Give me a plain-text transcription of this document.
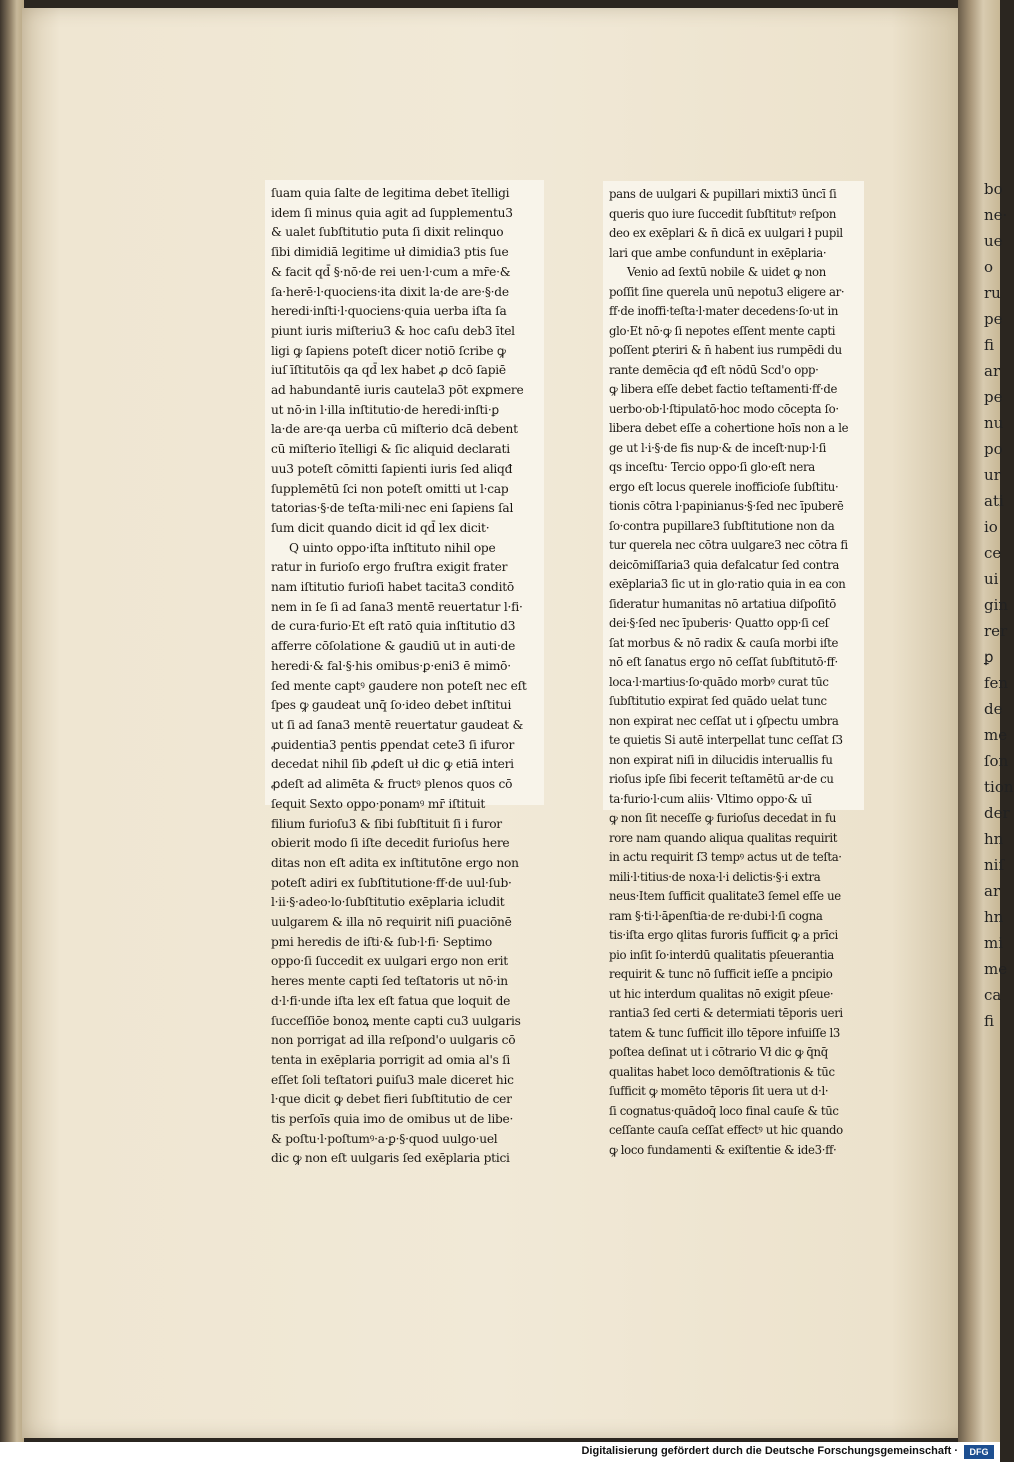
ſuam quia ſalte de legitima debet ītelligi
idem ſi minus quia agit ad ſupplementu3
& ualet ſubſtitutio puta ſi dixit relinquo
ſibi dimidiā legitime uł dimidia3 ptis ſue
& facit qd̄ §·nō·de rei uen·l·cum a mr̄e·&
ſa·herē·l·quociens·ita dixit la·de are·§·de
heredi·inſti·l·quociens·quia uerba iſta ſa
piunt iuris miſteriu3 & hoc caſu deb3 ītel
ligi ꝙ ſapiens poteſt dicer notiō ſcribe ꝙ
iuſ īſtitutōis qa qd̄ lex habet ꝓ dcō ſapiē
ad habundantē iuris cautela3 pōt exꝑmere
ut nō·in l·illa inſtitutio·de heredi·inſti·ꝑ
la·de are·qa uerba cū miſterio dcā debent
cū miſterio ītelligi & ſic aliquid declarati
uu3 poteſt cōmitti ſapienti iuris ſed aliqđ
ſupplemētū ſci non poteſt omitti ut l·cap
tatorias·§·de teſta·mili·nec eni ſapiens ſal
ſum dicit quando dicit id qd̄ lex dicit·
Q uinto oppo·iſta inſtituto nihil ope
ratur in furioſo ergo fruſtra exigit frater
nam iſtitutio furioſi habet tacita3 conditō
nem in ſe ſi ad ſana3 mentē reuertatur l·fi·
de cura·furio·Et eſt ratō quia inſtitutio d3
afferre cōſolatione & gaudiū ut in auti·de
heredi·& fal·§·his omibus·ꝑ·eni3 ē mimō·
ſed mente captꝰ gaudere non poteſt nec eſt
ſpes ꝙ gaudeat unq̄ ſo·ideo debet inſtitui
ut ſi ad ſana3 mentē reuertatur gaudeat &
ꝓuidentia3 pentis ꝑpendat cete3 ſi ifuror
decedat nihil ſib ꝓdeſt uł dic ꝙ etiā interi
ꝓdeſt ad alimēta & fructꝰ plenos quos cō
ſequit Sexto oppo·ponamꝰ mr̄ iſtituit
filium furioſu3 & ſibi ſubſtituit ſi i furor
obierit modo ſi iſte decedit furioſus here
ditas non eſt adita ex inſtitutōne ergo non
poteſt adiri ex ſubſtitutione·ff·de uul·ſub·
l·ii·§·adeo·lo·ſubſtitutio exēplaria icludit
uulgarem & illa nō requirit niſi ꝑuaciōnē
pmi heredis de iſti·& ſub·l·fi· Septimo
oppo·ſi ſuccedit ex uulgari ergo non erit
heres mente capti ſed teſtatoris ut nō·in
d·l·fi·unde iſta lex eſt fatua que loquit de
ſucceſſiōe bonoꝝ mente capti cu3 uulgaris
non porrigat ad illa reſpond'o uulgaris cō
tenta in exēplaria porrigit ad omia al's ſi
eſſet ſoli teſtatori ꝑuiſu3 male diceret hic
l·que dicit ꝙ debet fieri ſubſtitutio de cer
tis perſoīs quia imo de omibus ut de libe·
& poſtu·l·poſtumꝰ·a·ꝑ·§·quod uulgo·uel
dic ꝙ non eſt uulgaris ſed exēplaria ptici
pans de uulgari & pupillari mixti3 ūncī ſi
queris quo iure ſuccedit ſubſtitutꝰ reſpon
deo ex exēplari & n̄ dicā ex uulgari ł pupil
lari que ambe confundunt in exēplaria·
Venio ad ſextū nobile & uidet ꝙ non
poſſit ſine querela unū nepotu3 eligere ar·
ff·de inoffi·teſta·l·mater decedens·ſo·ut in
glo·Et nō·ꝙ ſi nepotes eſſent mente capti
poſſent ꝑteriri & n̄ habent ius rumpēdi du
rante demēcia qđ eſt nōdū Scd'o opp·
ꝙ libera eſſe debet factio teſtamenti·ff·de
uerbo·ob·l·ſtipulatō·hoc modo cōcepta ſo·
libera debet eſſe a cohertione hoīs non a le
ge ut l·i·§·de fis nup·& de inceſt·nup·l·ſi
qs inceſtu· Tercio oppo·ſi glo·eſt nera
ergo eſt locus querele inofficioſe ſubſtitu·
tionis cōtra l·papinianus·§·ſed nec īpuberē
ſo·contra pupillare3 ſubſtitutione non da
tur querela nec cōtra uulgare3 nec cōtra fi
deicōmiſſaria3 quia defalcatur ſed contra
exēplaria3 ſic ut in glo·ratio quia in ea con
ſideratur humanitas nō artatiua diſpoſitō
dei·§·ſed nec īpuberis· Quatto opp·ſi ceſ
ſat morbus & nō radix & cauſa morbi iſte
nō eſt ſanatus ergo nō ceſſat ſubſtitutō·ff·
loca·l·martius·ſo·quādo morbꝰ curat tūc
ſubſtitutio expirat ſed quādo uelat tunc
non expirat nec ceſſat ut i ꝯſpectu umbra
te quietis Si autē interpellat tunc ceſſat ſ3
non expirat niſi in dilucidis interuallis fu
rioſus ipſe ſibi fecerit teſtamētū ar·de cu
ta·furio·l·cum aliis· Vltimo oppo·& uī
ꝙ non ſit neceſſe ꝙ furioſus decedat in fu
rore nam quando aliqua qualitas requirit
in actu requirit ſ3 tempꝰ actus ut de teſta·
mili·l·titius·de noxa·l·i delictis·§·i extra
neus·Item ſufficit qualitate3 ſemel eſſe ue
ram §·ti·l·āꝑenſtia·de re·dubi·l·ſi cogna
tis·iſta ergo qlitas furoris ſufficit ꝙ a prīci
pio inſit ſo·interdū qualitatis pſeuerantia
requirit & tunc nō ſufficit ieſſe a pncipio
ut hic interdum qualitas nō exigit pſeue·
rantia3 ſed certi & determiati tēporis ueri
tatem & tunc ſufficit illo tēpore infuiſſe l3
poſtea deſinat ut i cōtrario Vł dic ꝙ q̄nq̄
qualitas habet loco demōſtrationis & tūc
ſufficit ꝙ momēto tēporis ſit uera ut d·l·
ſi cognatus·quādoq̄ loco final cauſe & tūc
ceſſante cauſa ceſſat effectꝰ ut hic quando
ꝙ loco fundamenti & exiſtentie & ide3·ff·
bo
ne·
ue
o
ru
pe
fi
ar
pe
nu
po
ur
ati
io
ce
ui
gin
rer
ꝑ
fen
de
me
ſon
tion
der
hn
niſ
ar
hn
mi
me
ca
fi
Digitalisierung gefördert durch die Deutsche Forschungsgemeinschaft ·	DFG
